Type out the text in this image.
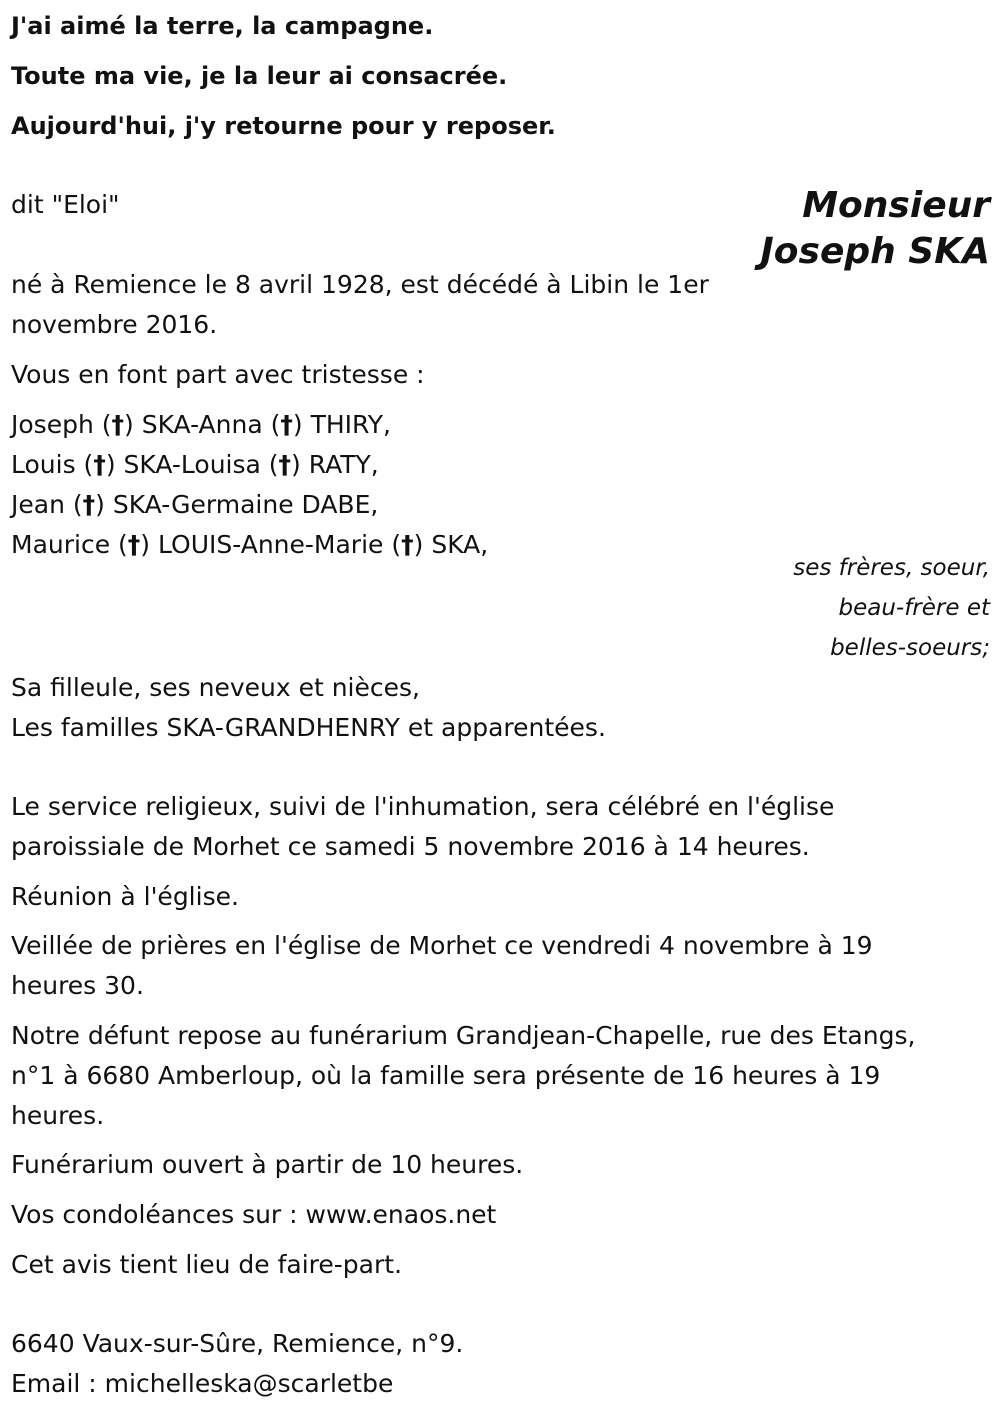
J'ai aimé la terre, la campagne.
Toute ma vie, je la leur ai consacrée.
Aujourd'hui, j'y retourne pour y reposer.
dit "Eloi"	Monsieur
Joseph SKA
né à Remience le 8 avril 1928, est décédé à Libin le 1er
novembre 2016.
Vous en font part avec tristesse :
Joseph (†) SKA-Anna (†) THIRY,
Louis (†) SKA-Louisa (†) RATY,
Jean (†) SKA-Germaine DABE,
Maurice (†) LOUIS-Anne-Marie (†) SKA,
ses frères, soeur,
beau-frère et
belles-soeurs;
Sa filleule, ses neveux et nièces,
Les familles SKA-GRANDHENRY et apparentées.
Le service religieux, suivi de l'inhumation, sera célébré en l'église
paroissiale de Morhet ce samedi 5 novembre 2016 à 14 heures.
Réunion à l'église.
Veillée de prières en l'église de Morhet ce vendredi 4 novembre à 19
heures 30.
Notre défunt repose au funérarium Grandjean-Chapelle, rue des Etangs,
n°1 à 6680 Amberloup, où la famille sera présente de 16 heures à 19
heures.
Funérarium ouvert à partir de 10 heures.
Vos condoléances sur : www.enaos.net
Cet avis tient lieu de faire-part.
6640 Vaux-sur-Sûre, Remience, n°9.
Email : michelleska@scarletbe
